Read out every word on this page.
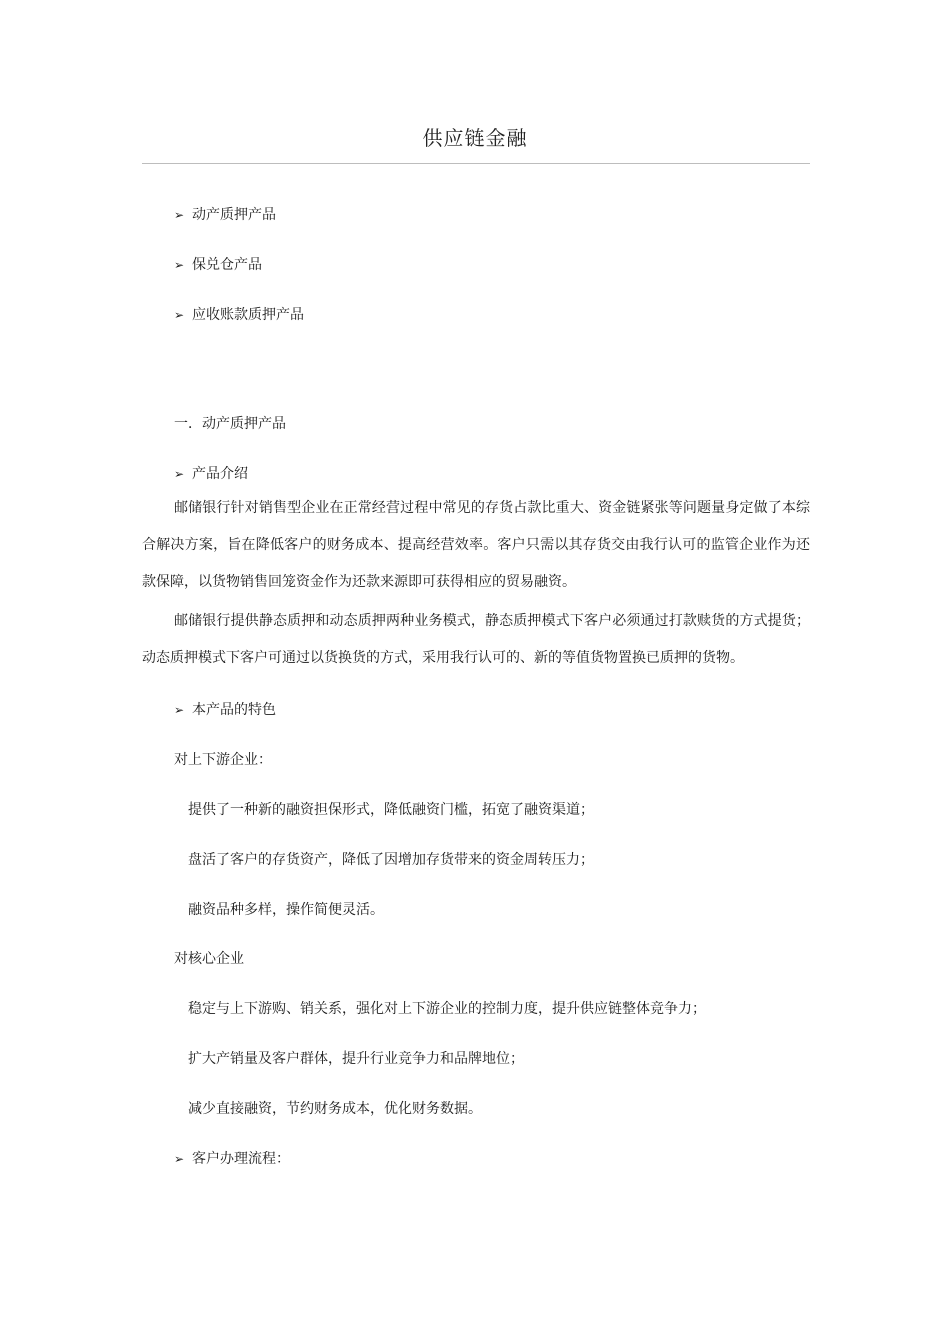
供应链金融
➢ 动产质押产品
➢ 保兑仓产品
➢ 应收账款质押产品
一．动产质押产品
➢ 产品介绍
邮储银行针对销售型企业在正常经营过程中常见的存货占款比重大、资金链紧张等问题量身定做了本综合解决方案，旨在降低客户的财务成本、提高经营效率。客户只需以其存货交由我行认可的监管企业作为还款保障，以货物销售回笼资金作为还款来源即可获得相应的贸易融资。
邮储银行提供静态质押和动态质押两种业务模式，静态质押模式下客户必须通过打款赎货的方式提货；动态质押模式下客户可通过以货换货的方式，采用我行认可的、新的等值货物置换已质押的货物。
➢ 本产品的特色
对上下游企业：
提供了一种新的融资担保形式，降低融资门槛，拓宽了融资渠道；
盘活了客户的存货资产，降低了因增加存货带来的资金周转压力；
融资品种多样，操作简便灵活。
对核心企业
稳定与上下游购、销关系，强化对上下游企业的控制力度，提升供应链整体竞争力；
扩大产销量及客户群体，提升行业竞争力和品牌地位；
减少直接融资，节约财务成本，优化财务数据。
➢ 客户办理流程：
